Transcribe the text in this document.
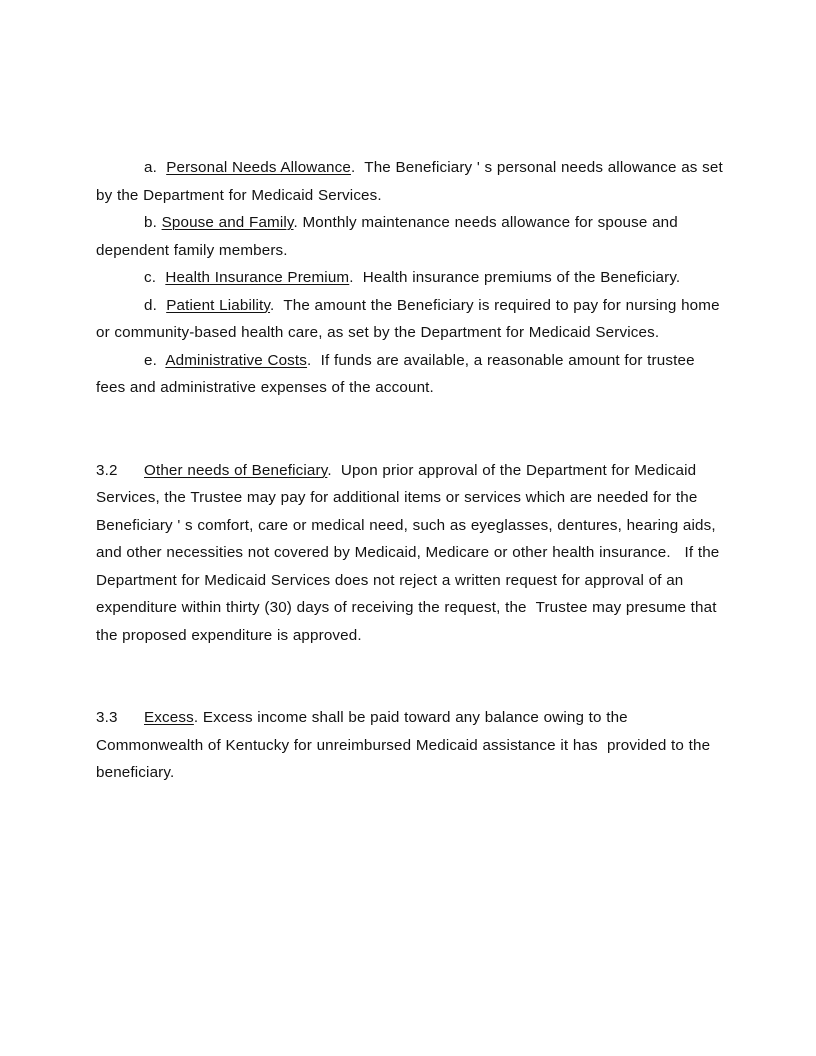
a. Personal Needs Allowance.  The Beneficiary ' s personal needs allowance as set by the Department for Medicaid Services.

b. Spouse and Family. Monthly maintenance needs allowance for spouse and dependent family members.

c. Health Insurance Premium.  Health insurance premiums of the Beneficiary.

d. Patient Liability.  The amount the Beneficiary is required to pay for nursing home or community-based health care, as set by the Department for Medicaid Services.

e. Administrative Costs.  If funds are available, a reasonable amount for trustee fees and administrative expenses of the account.

3.2 Other needs of Beneficiary.  Upon prior approval of the Department for Medicaid Services, the Trustee may pay for additional items or services which are needed for the Beneficiary ' s comfort, care or medical need, such as eyeglasses, dentures, hearing aids, and other necessities not covered by Medicaid, Medicare or other health insurance.   If the Department for Medicaid Services does not reject a written request for approval of an expenditure within thirty (30) days of receiving the request, the  Trustee may presume that the proposed expenditure is approved.

3.3 Excess. Excess income shall be paid toward any balance owing to the Commonwealth of Kentucky for unreimbursed Medicaid assistance it has  provided to the beneficiary.
